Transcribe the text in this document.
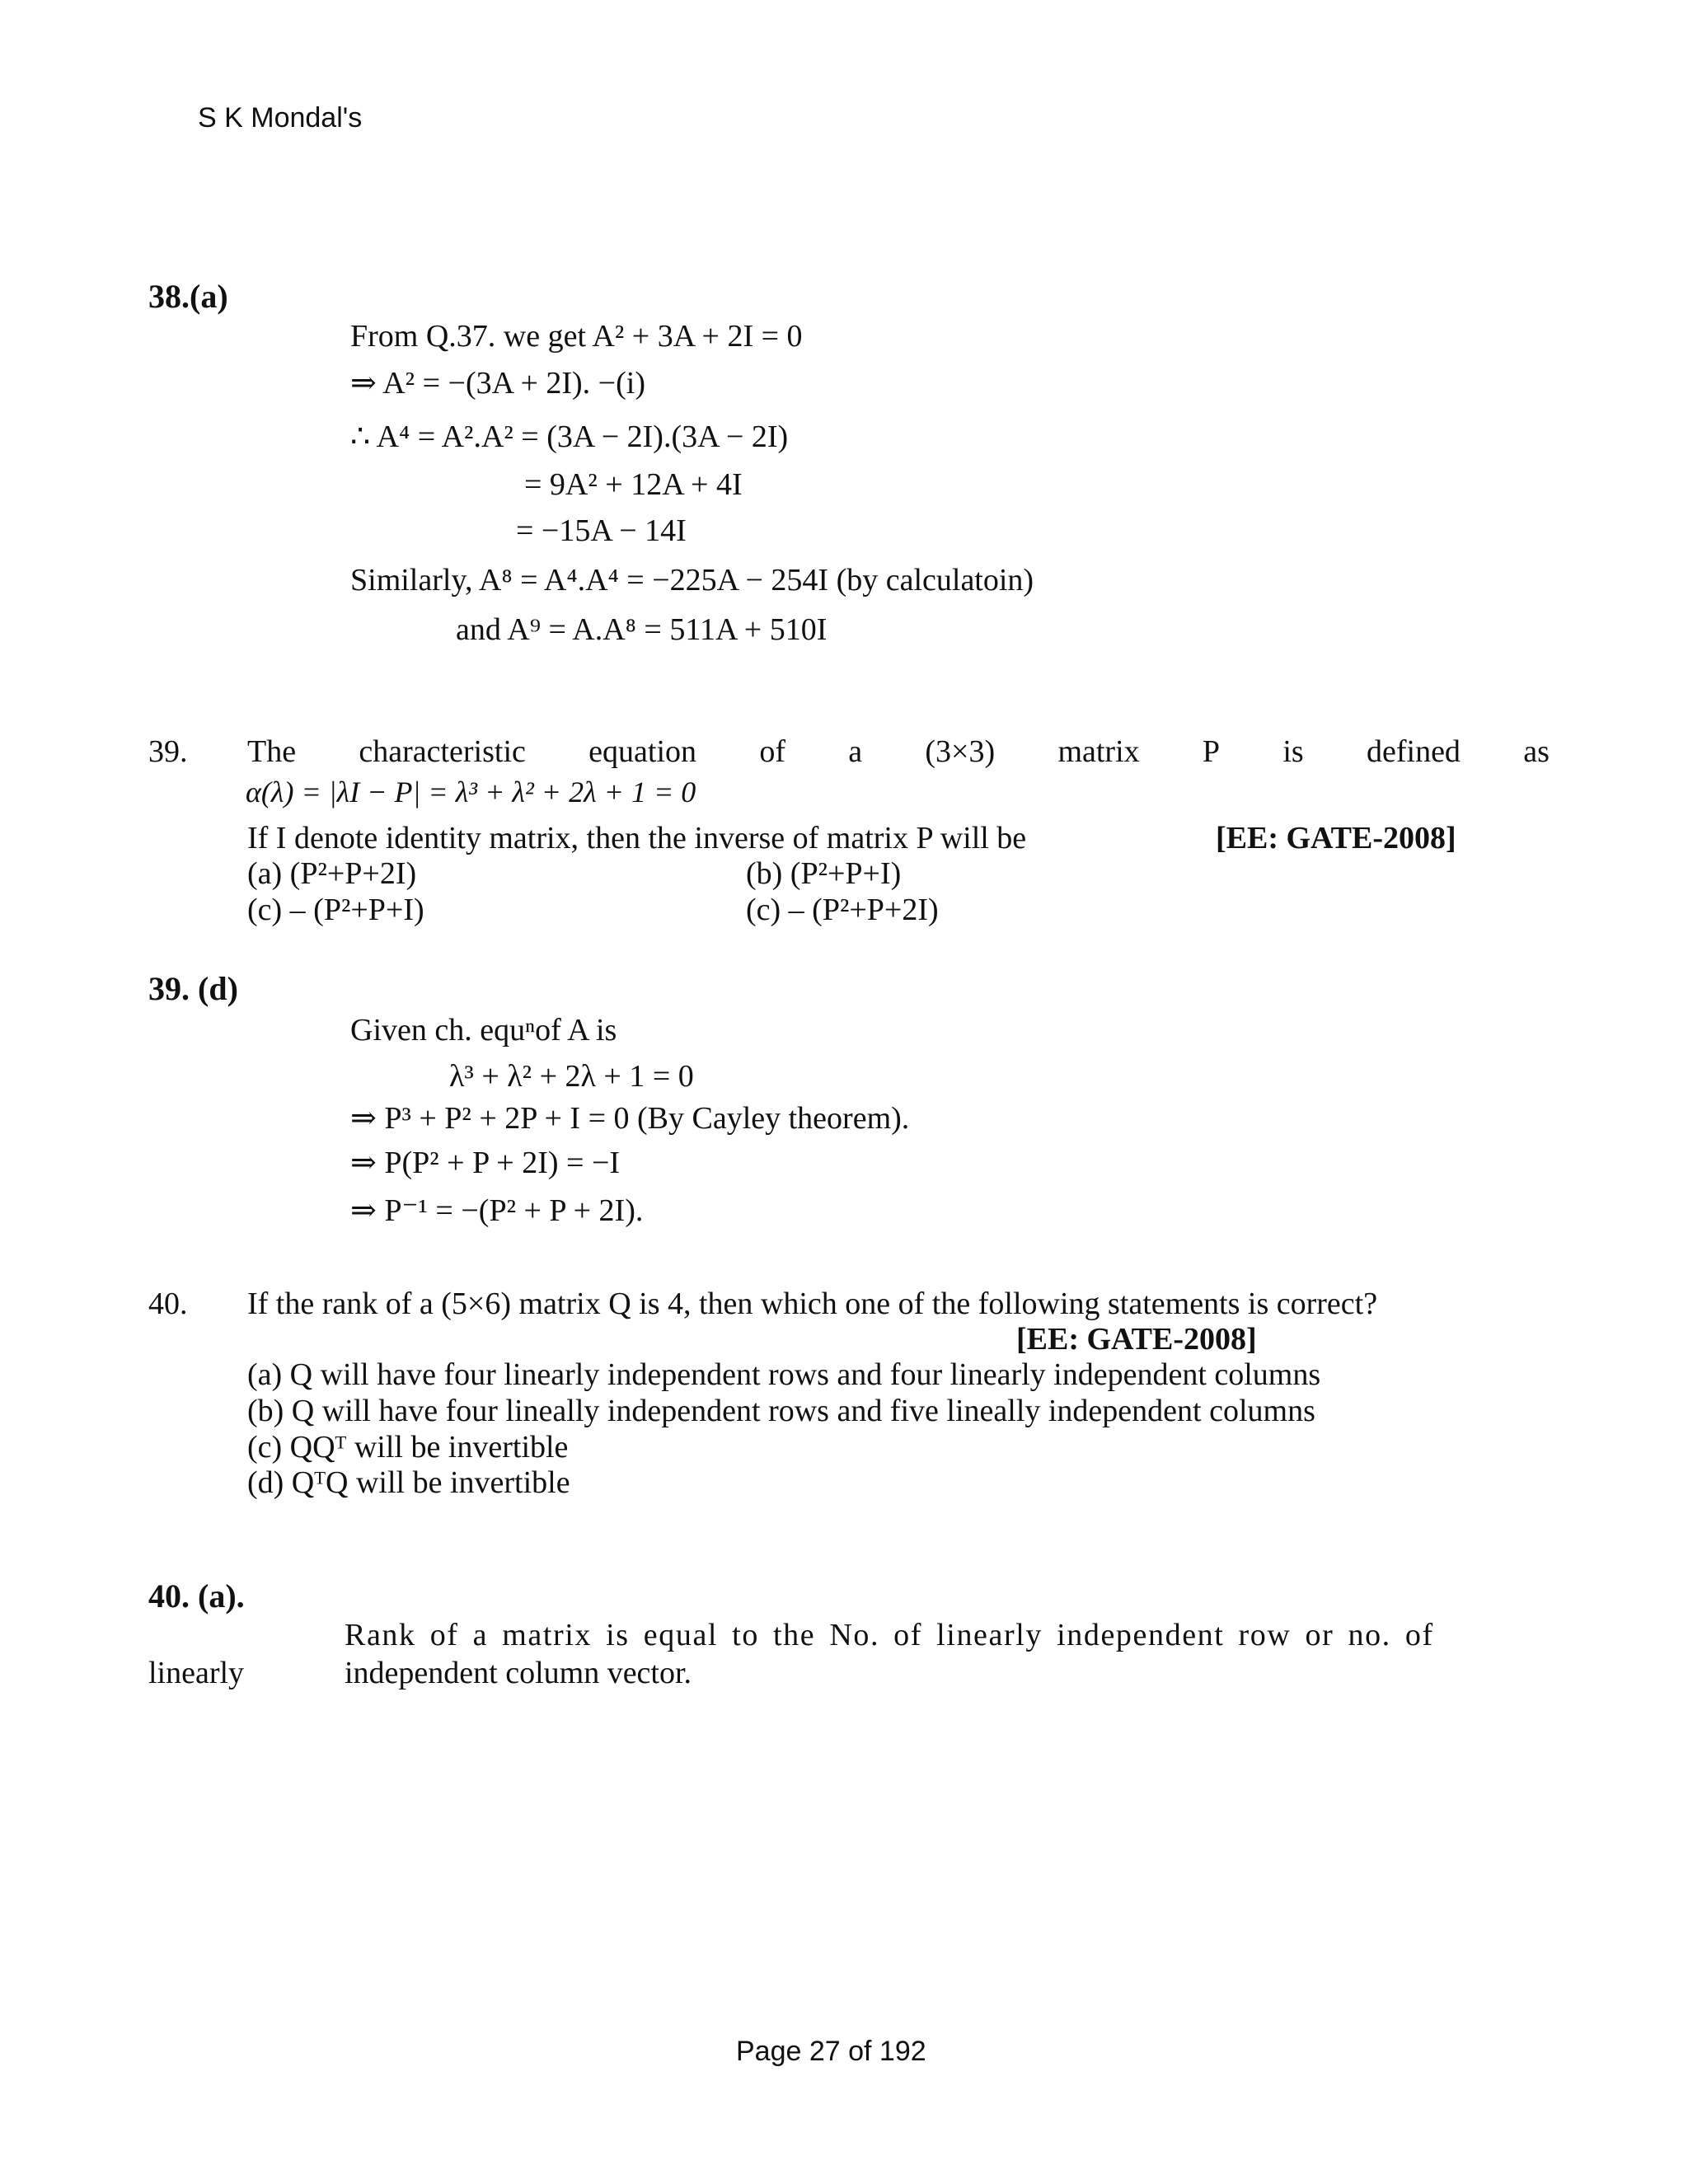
S K Mondal's
38.(a)
From Q.37. we get A² + 3A + 2I = 0
⇒ A² = −(3A + 2I). −(i)
∴ A⁴ = A².A² = (3A − 2I).(3A − 2I)
= 9A² + 12A + 4I
= −15A − 14I
Similarly, A⁸ = A⁴.A⁴ = −225A − 254I (by calculatoin)
and A⁹ = A.A⁸ = 511A + 510I
39. The characteristic equation of a (3×3) matrix P is defined as
α(λ) = |λI − P| = λ³ + λ² + 2λ + 1 = 0
If I denote identity matrix, then the inverse of matrix P will be	[EE: GATE-2008]
(a) (P²+P+2I)	(b) (P²+P+I)
(c) – (P²+P+I)	(c) – (P²+P+2I)
39. (d)
Given ch. equⁿof A is
λ³ + λ² + 2λ + 1 = 0
⇒ P³ + P² + 2P + I = 0 (By Cayley theorem).
⇒ P(P² + P + 2I) = −I
⇒ P⁻¹ = −(P² + P + 2I).
40. If the rank of a (5×6) matrix Q is 4, then which one of the following statements is correct?
[EE: GATE-2008]
(a) Q will have four linearly independent rows and four linearly independent columns
(b) Q will have four lineally independent rows and five lineally independent columns
(c) QQᵀ will be invertible
(d) QᵀQ will be invertible
40. (a).
Rank of a matrix is equal to the No. of linearly independent row or no. of
linearly	independent column vector.
Page 27 of 192
